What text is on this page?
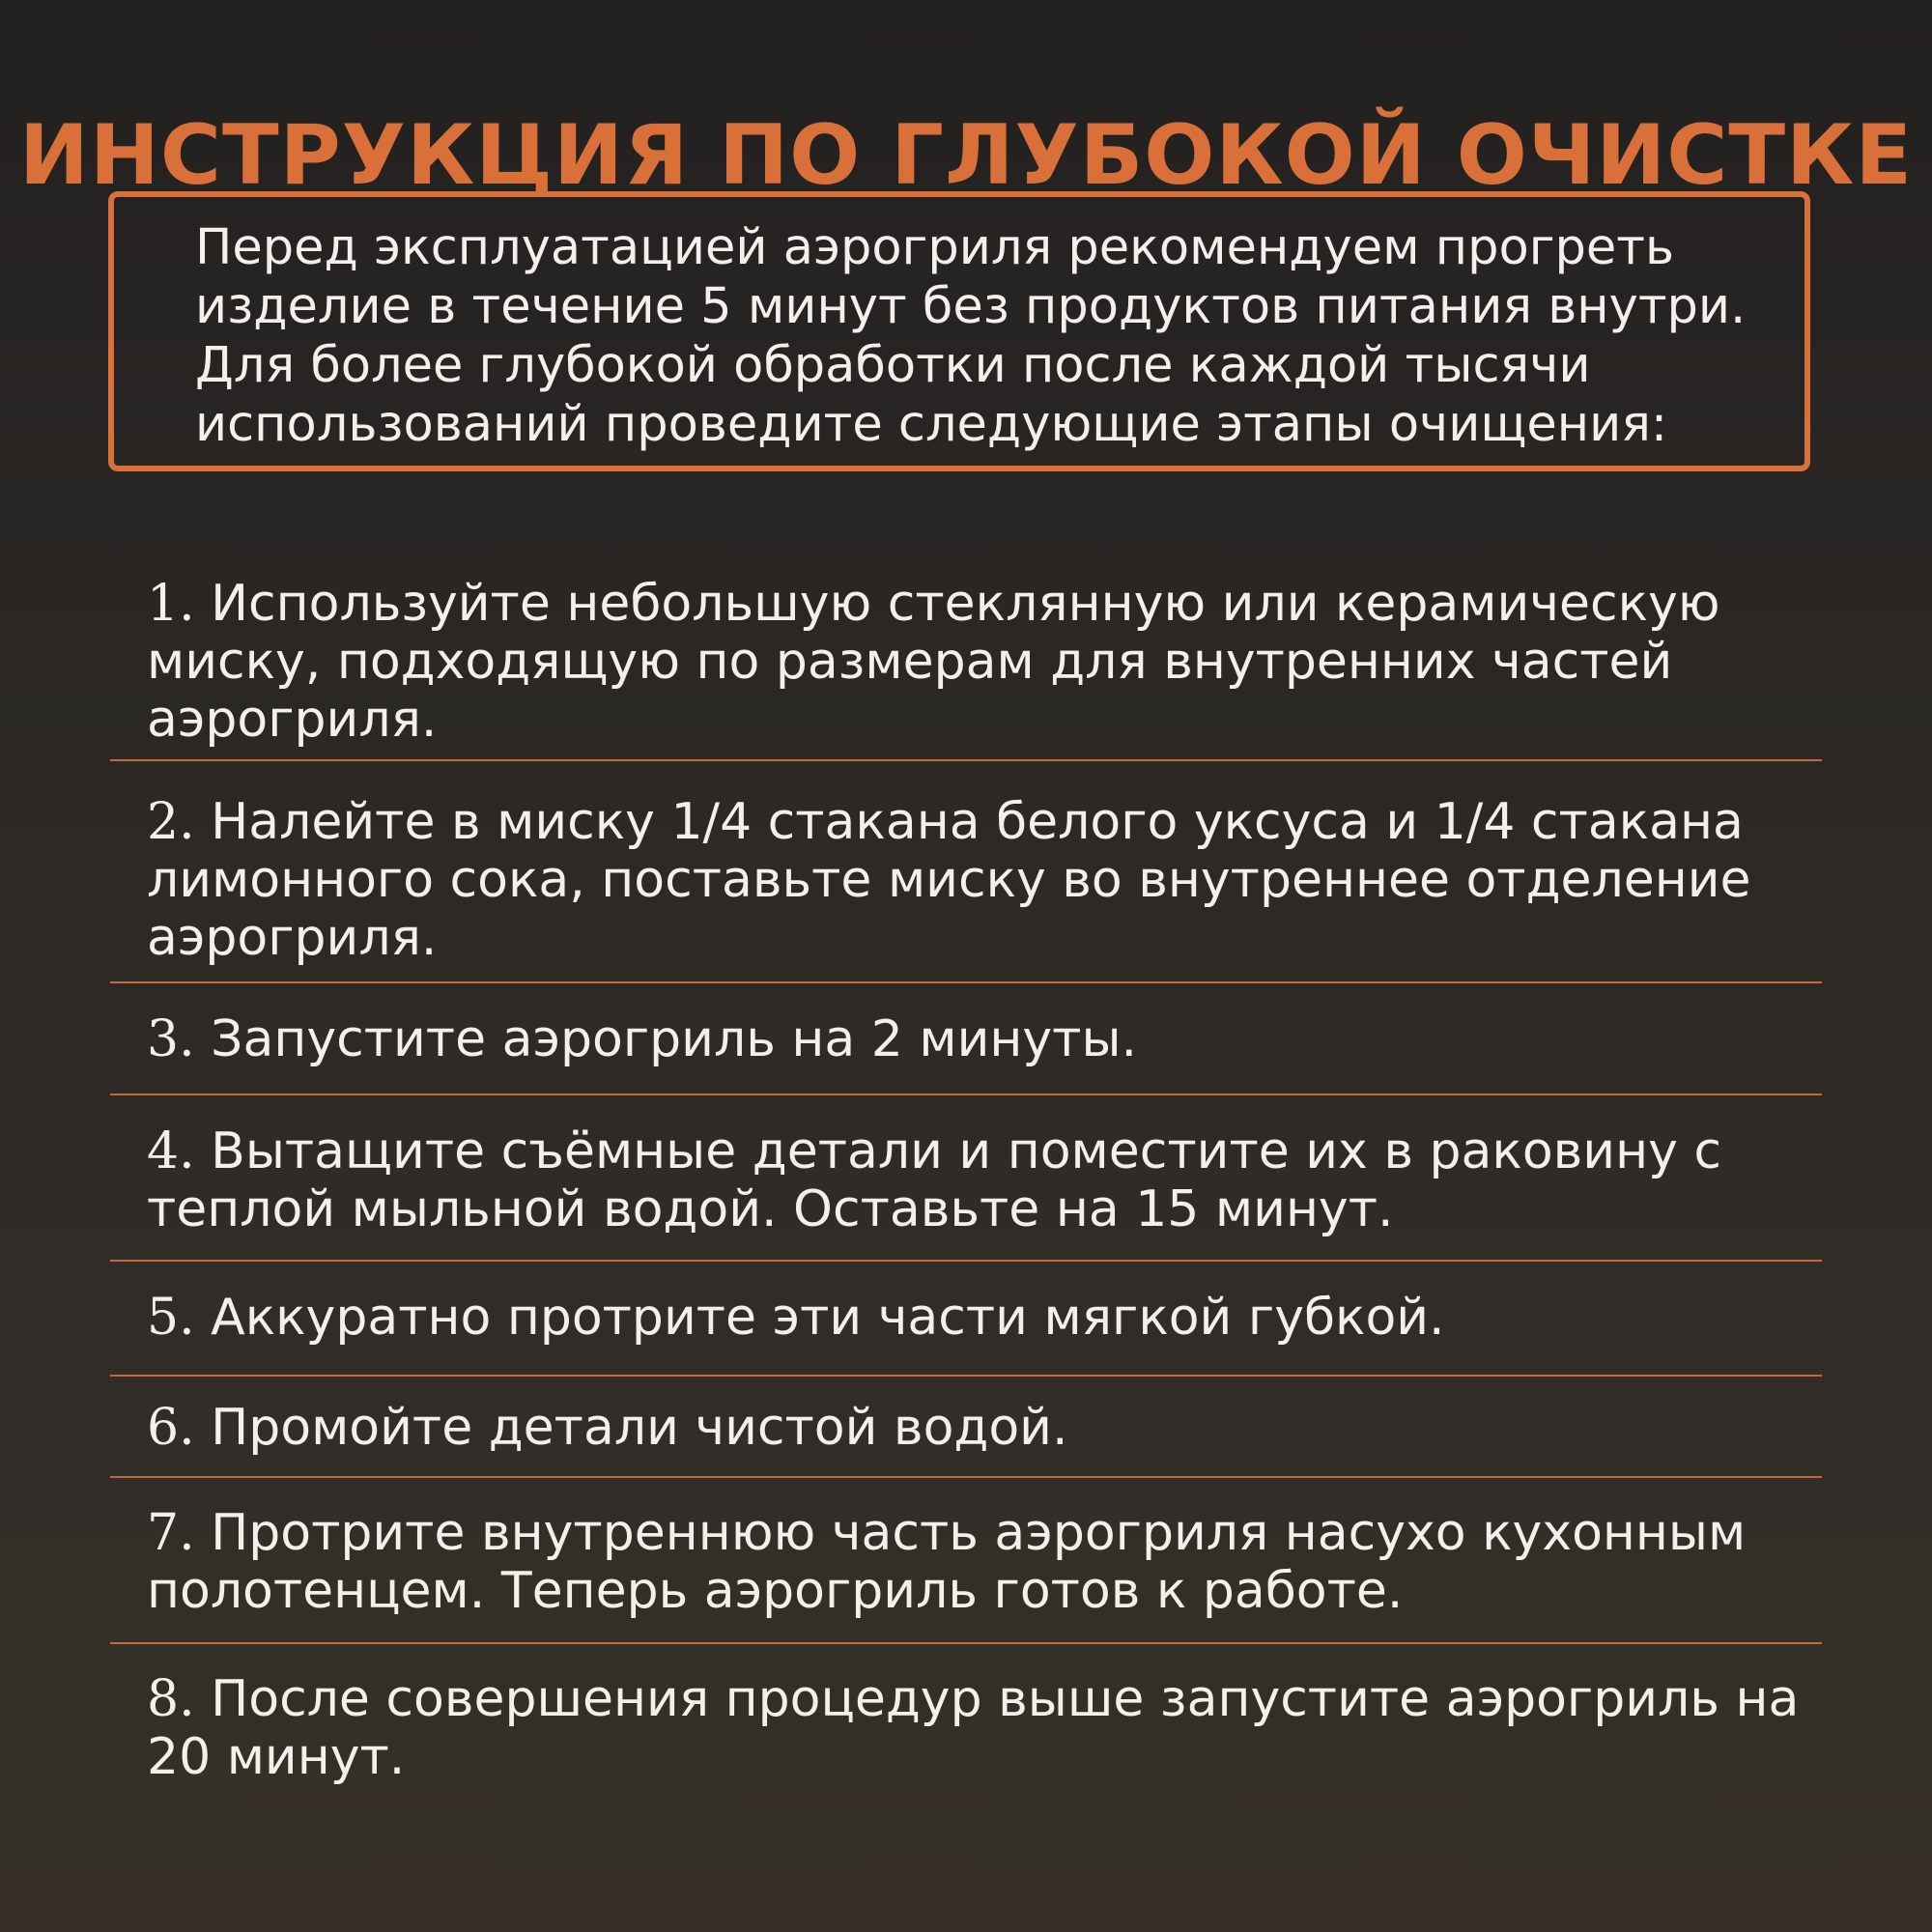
ИНСТРУКЦИЯ ПО ГЛУБОКОЙ ОЧИСТКЕ

Перед эксплуатацией аэрогриля рекомендуем прогреть изделие в течение 5 минут без продуктов питания внутри. Для более глубокой обработки после каждой тысячи использований проведите следующие этапы очищения:

1. Используйте небольшую стеклянную или керамическую миску, подходящую по размерам для внутренних частей аэрогриля.
2. Налейте в миску 1/4 стакана белого уксуса и 1/4 стакана лимонного сока, поставьте миску во внутреннее отделение аэрогриля.
3. Запустите аэрогриль на 2 минуты.
4. Вытащите съёмные детали и поместите их в раковину с теплой мыльной водой. Оставьте на 15 минут.
5. Аккуратно протрите эти части мягкой губкой.
6. Промойте детали чистой водой.
7. Протрите внутреннюю часть аэрогриля насухо кухонным полотенцем. Теперь аэрогриль готов к работе.
8. После совершения процедур выше запустите аэрогриль на 20 минут.
